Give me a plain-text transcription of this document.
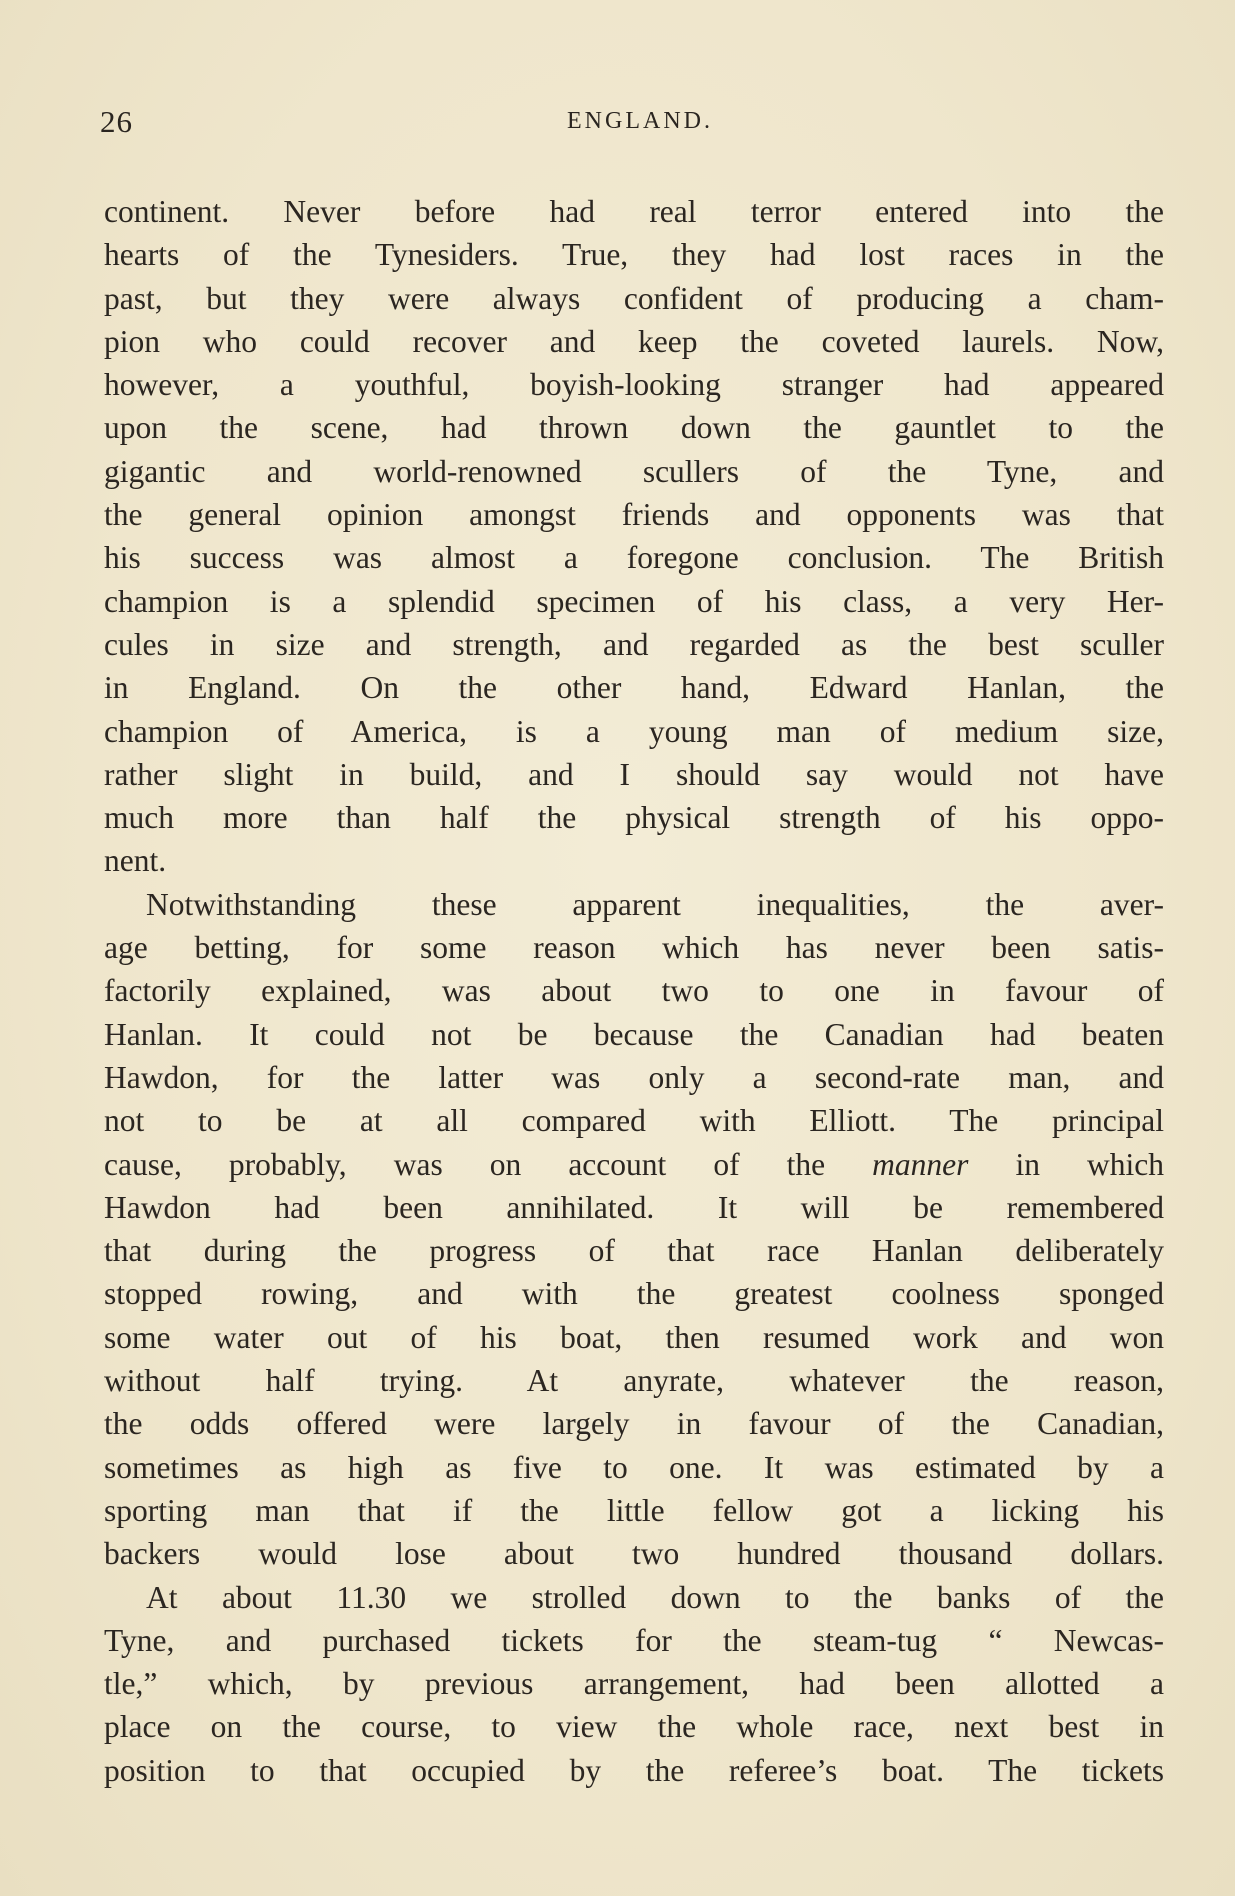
26	ENGLAND.
continent. Never before had real terror entered into the
hearts of the Tynesiders. True, they had lost races in the
past, but they were always confident of producing a cham-
pion who could recover and keep the coveted laurels. Now,
however, a youthful, boyish-looking stranger had appeared
upon the scene, had thrown down the gauntlet to the
gigantic and world-renowned scullers of the Tyne, and
the general opinion amongst friends and opponents was that
his success was almost a foregone conclusion. The British
champion is a splendid specimen of his class, a very Her-
cules in size and strength, and regarded as the best sculler
in England. On the other hand, Edward Hanlan, the
champion of America, is a young man of medium size,
rather slight in build, and I should say would not have
much more than half the physical strength of his oppo-
nent.
Notwithstanding these apparent inequalities, the aver-
age betting, for some reason which has never been satis-
factorily explained, was about two to one in favour of
Hanlan. It could not be because the Canadian had beaten
Hawdon, for the latter was only a second-rate man, and
not to be at all compared with Elliott. The principal
cause, probably, was on account of the manner in which
Hawdon had been annihilated. It will be remembered
that during the progress of that race Hanlan deliberately
stopped rowing, and with the greatest coolness sponged
some water out of his boat, then resumed work and won
without half trying. At anyrate, whatever the reason,
the odds offered were largely in favour of the Canadian,
sometimes as high as five to one. It was estimated by a
sporting man that if the little fellow got a licking his
backers would lose about two hundred thousand dollars.
At about 11.30 we strolled down to the banks of the
Tyne, and purchased tickets for the steam-tug “ Newcas-
tle,” which, by previous arrangement, had been allotted a
place on the course, to view the whole race, next best in
position to that occupied by the referee’s boat. The tickets
